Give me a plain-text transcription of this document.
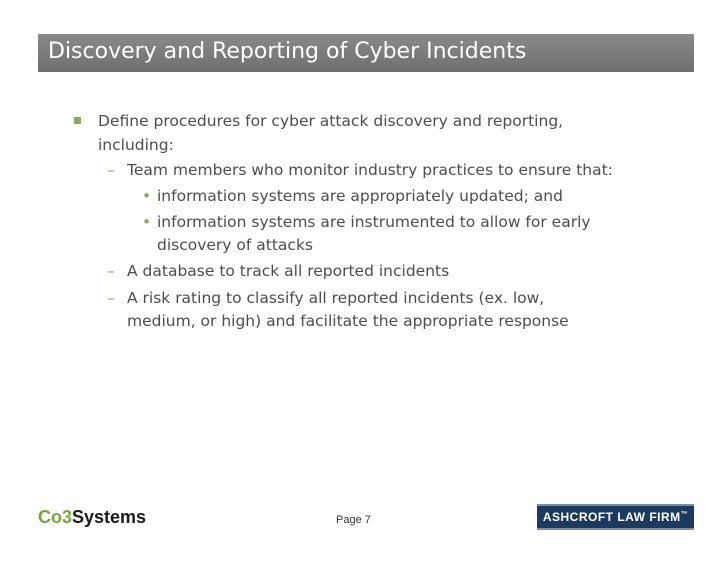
Discovery and Reporting of Cyber Incidents
Define procedures for cyber attack discovery and reporting,
including:
– Team members who monitor industry practices to ensure that:
• information systems are appropriately updated; and
• information systems are instrumented to allow for early
discovery of attacks
– A database to track all reported incidents
– A risk rating to classify all reported incidents (ex. low,
medium, or high) and facilitate the appropriate response
Co3Systems	Page 7	ASHCROFT LAW FIRM™
